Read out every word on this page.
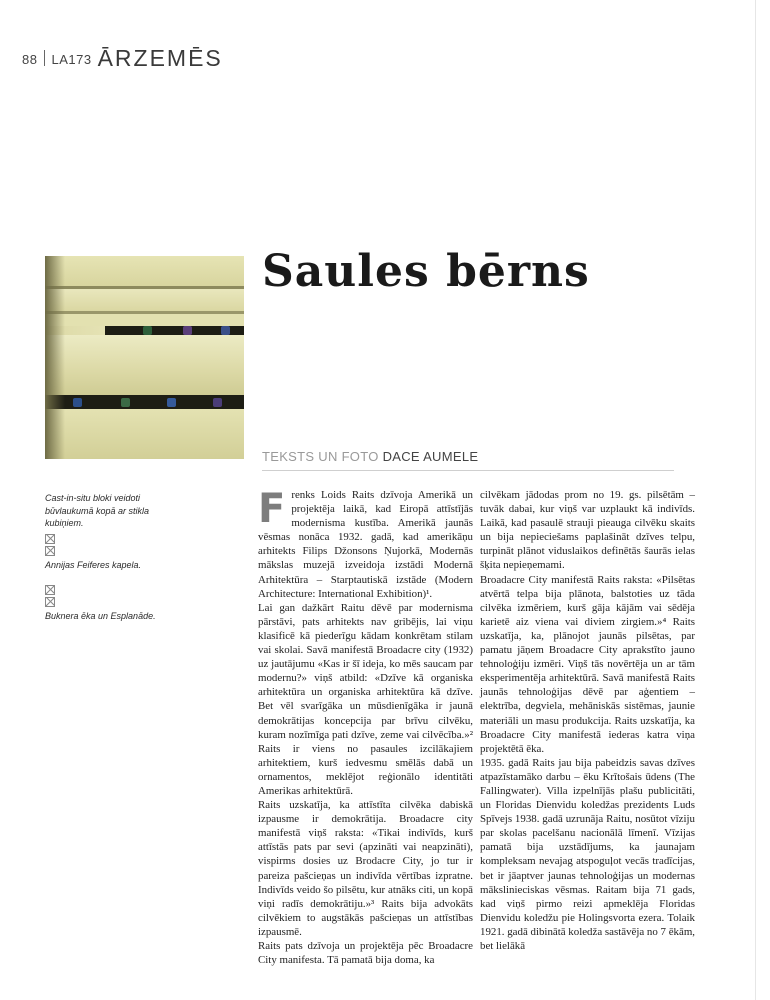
88 LA173 ĀRZEMĒS
Saules bērns
TEKSTS UN FOTO DACE AUMELE

Cast-in-situ bloki veidoti būvlaukumā kopā ar stikla kubiņiem.

Annijas Feiferes kapela.

Buknera ēka un Esplanāde.

F renks Loids Raits dzīvoja Amerikā un projektēja laikā, kad Eiropā attīstījās modernisma kustība. Amerikā jaunās vēsmas nonāca 1932. gadā, kad amerikāņu arhitekts Filips Džonsons Ņujorkā, Modernās mākslas muzejā izveidoja izstādi Modernā Arhitektūra – Starptautiskā izstāde (Modern Architecture: International Exhibition)¹.

Lai gan dažkārt Raitu dēvē par modernisma pārstāvi, pats arhitekts nav gribējis, lai viņu klasificē kā piederīgu kādam konkrētam stilam vai skolai. Savā manifestā Broadacre city (1932) uz jautājumu «Kas ir šī ideja, ko mēs saucam par modernu?» viņš atbild: «Dzīve kā organiska arhitektūra un organiska arhitektūra kā dzīve. Bet vēl svarīgāka un mūsdienīgāka ir jaunā demokrātijas koncepcija par brīvu cilvēku, kuram nozīmīga pati dzīve, zeme vai cilvēcība.»² Raits ir viens no pasaules izcilākajiem arhitektiem, kurš iedvesmu smēlās dabā un ornamentos, meklējot reģionālo identitāti Amerikas arhitektūrā.

Raits uzskatīja, ka attīstīta cilvēka dabiskā izpausme ir demokrātija. Broadacre city manifestā viņš raksta: «Tikai indivīds, kurš attīstās pats par sevi (apzināti vai neapzināti), vispirms dosies uz Brodacre City, jo tur ir pareiza pašcieņas un indivīda vērtības izpratne. Indivīds veido šo pilsētu, kur atnāks citi, un kopā viņi radīs demokrātiju.»³ Raits bija advokāts cilvēkiem to augstākās pašcieņas un attīstības izpausmē.

Raits pats dzīvoja un projektēja pēc Broadacre City manifesta. Tā pamatā bija doma, ka

cilvēkam jādodas prom no 19. gs. pilsētām – tuvāk dabai, kur viņš var uzplaukt kā indivīds. Laikā, kad pasaulē strauji pieauga cilvēku skaits un bija nepieciešams paplašināt dzīves telpu, turpināt plānot viduslaikos definētās šaurās ielas šķita nepieņemami.

Broadacre City manifestā Raits raksta: «Pilsētas atvērtā telpa bija plānota, balstoties uz tāda cilvēka izmēriem, kurš gāja kājām vai sēdēja karietē aiz viena vai diviem zirgiem.»⁴ Raits uzskatīja, ka, plānojot jaunās pilsētas, par pamatu jāņem Broadacre City aprakstīto jauno tehnoloģiju izmēri. Viņš tās novērtēja un ar tām eksperimentēja arhitektūrā. Savā manifestā Raits jaunās tehnoloģijas dēvē par aģentiem – elektrība, degviela, mehāniskās sistēmas, jaunie materiāli un masu produkcija. Raits uzskatīja, ka Broadacre City manifestā iederas katra viņa projektētā ēka.

1935. gadā Raits jau bija pabeidzis savas dzīves atpazīstamāko darbu – ēku Krītošais ūdens (The Fallingwater). Villa izpelnījās plašu publicitāti, un Floridas Dienvidu koledžas prezidents Luds Spīvejs 1938. gadā uzrunāja Raitu, nosūtot vīziju par skolas pacelšanu nacionālā līmenī. Vīzijas pamatā bija uzstādījums, ka jaunajam kompleksam nevajag atspoguļot vecās tradīcijas, bet ir jāaptver jaunas tehnoloģijas un modernas mākslinieciskas vēsmas. Raitam bija 71 gads, kad viņš pirmo reizi apmeklēja Floridas Dienvidu koledžu pie Holingsvorta ezera. Tolaik 1921. gadā dibinātā koledža sastāvēja no 7 ēkām, bet lielākā
